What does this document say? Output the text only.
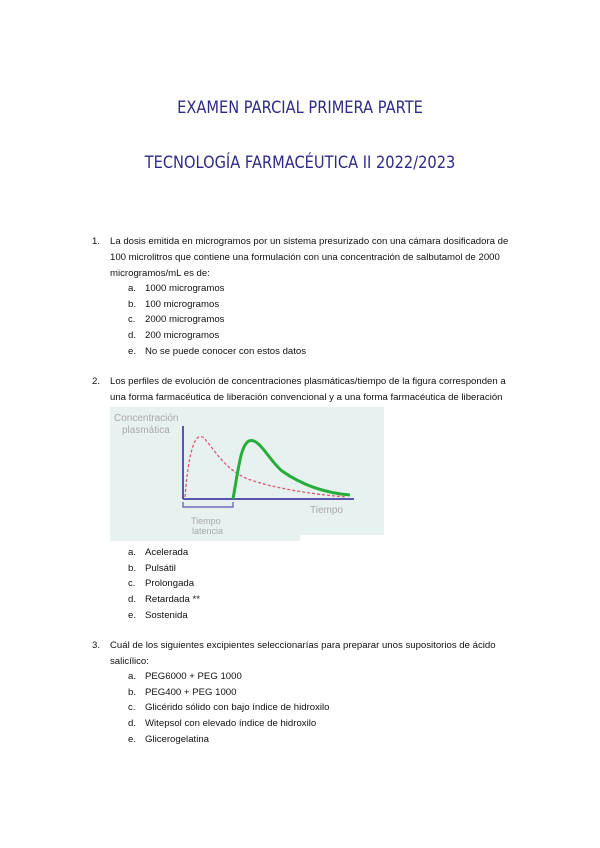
EXAMEN PARCIAL PRIMERA PARTE
TECNOLOGÍA FARMACÉUTICA II 2022/2023
1. La dosis emitida en microgramos por un sistema presurizado con una cámara dosificadora de
100 microlitros que contiene una formulación con una concentración de salbutamol de 2000
microgramos/mL es de:
a. 1000 microgramos
b. 100 microgramos
c. 2000 microgramos
d. 200 microgramos
e. No se puede conocer con estos datos
2. Los perfiles de evolución de concentraciones plasmáticas/tiempo de la figura corresponden a
una forma farmacéutica de liberación convencional y a una forma farmacéutica de liberación
Concentración
plasmática
Tiempo
Tiempo
latencia
a. Acelerada
b. Pulsátil
c. Prolongada
d. Retardada **
e. Sostenida
3. Cuál de los siguientes excipientes seleccionarías para preparar unos supositorios de ácido
salicílico:
a. PEG6000 + PEG 1000
b. PEG400 + PEG 1000
c. Glicérido sólido con bajo índice de hidroxilo
d. Witepsol con elevado índice de hidroxilo
e. Glicerogelatina
